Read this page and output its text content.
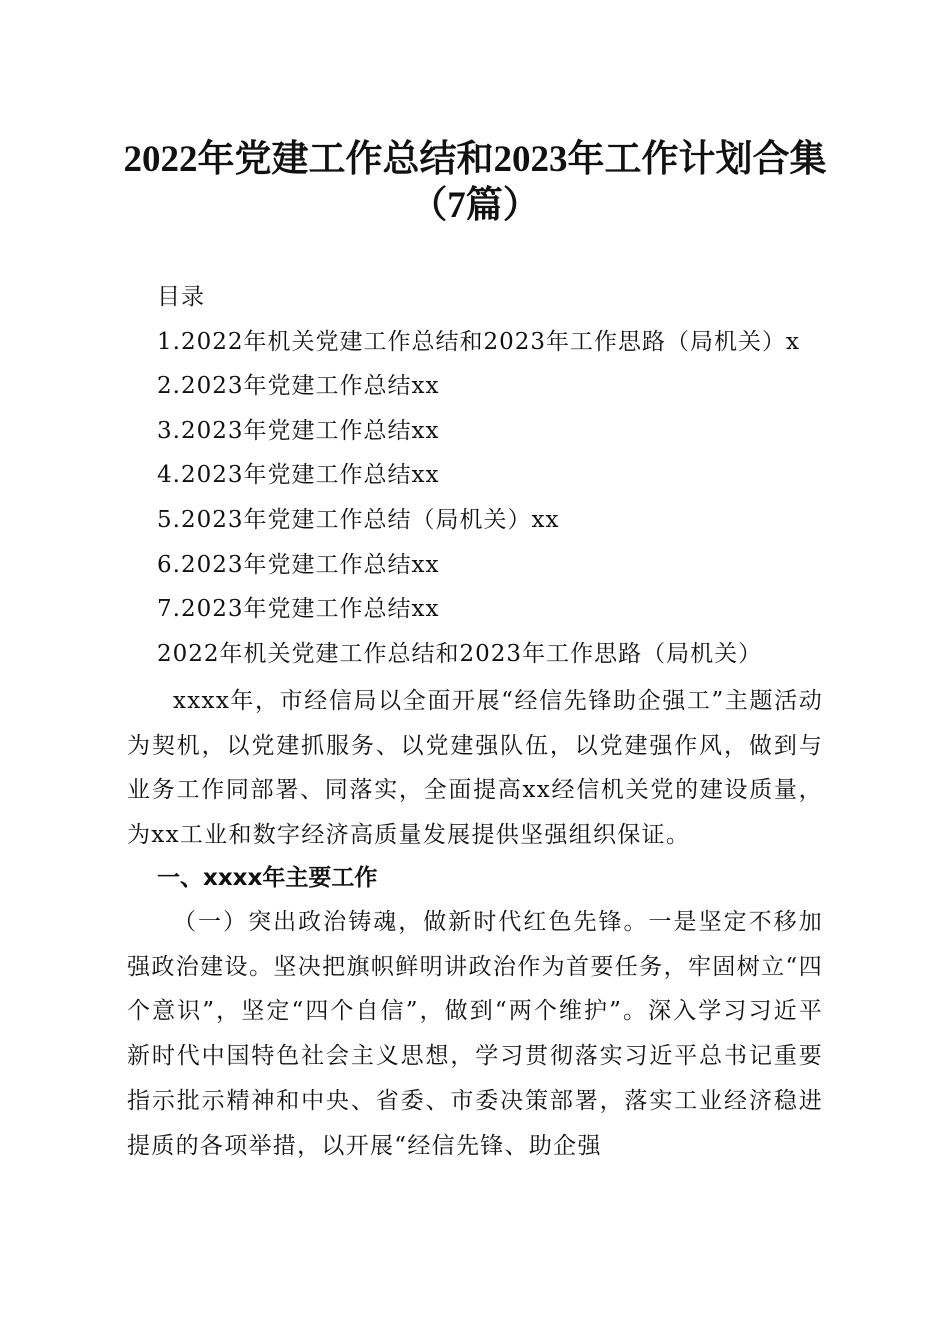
2022年党建工作总结和2023年工作计划合集
（7篇）
目录
1.2022年机关党建工作总结和2023年工作思路（局机关）x
2.2023年党建工作总结xx
3.2023年党建工作总结xx
4.2023年党建工作总结xx
5.2023年党建工作总结（局机关）xx
6.2023年党建工作总结xx
7.2023年党建工作总结xx
2022年机关党建工作总结和2023年工作思路（局机关）
xxxx年，市经信局以全面开展“经信先锋助企强工”主题活动为契机，以党建抓服务、以党建强队伍，以党建强作风，做到与业务工作同部署、同落实，全面提高xx经信机关党的建设质量，为xx工业和数字经济高质量发展提供坚强组织保证。
一、xxxx年主要工作
（一）突出政治铸魂，做新时代红色先锋。一是坚定不移加强政治建设。坚决把旗帜鲜明讲政治作为首要任务，牢固树立“四个意识”，坚定“四个自信”，做到“两个维护”。深入学习习近平新时代中国特色社会主义思想，学习贯彻落实习近平总书记重要指示批示精神和中央、省委、市委决策部署，落实工业经济稳进提质的各项举措，以开展“经信先锋、助企强
